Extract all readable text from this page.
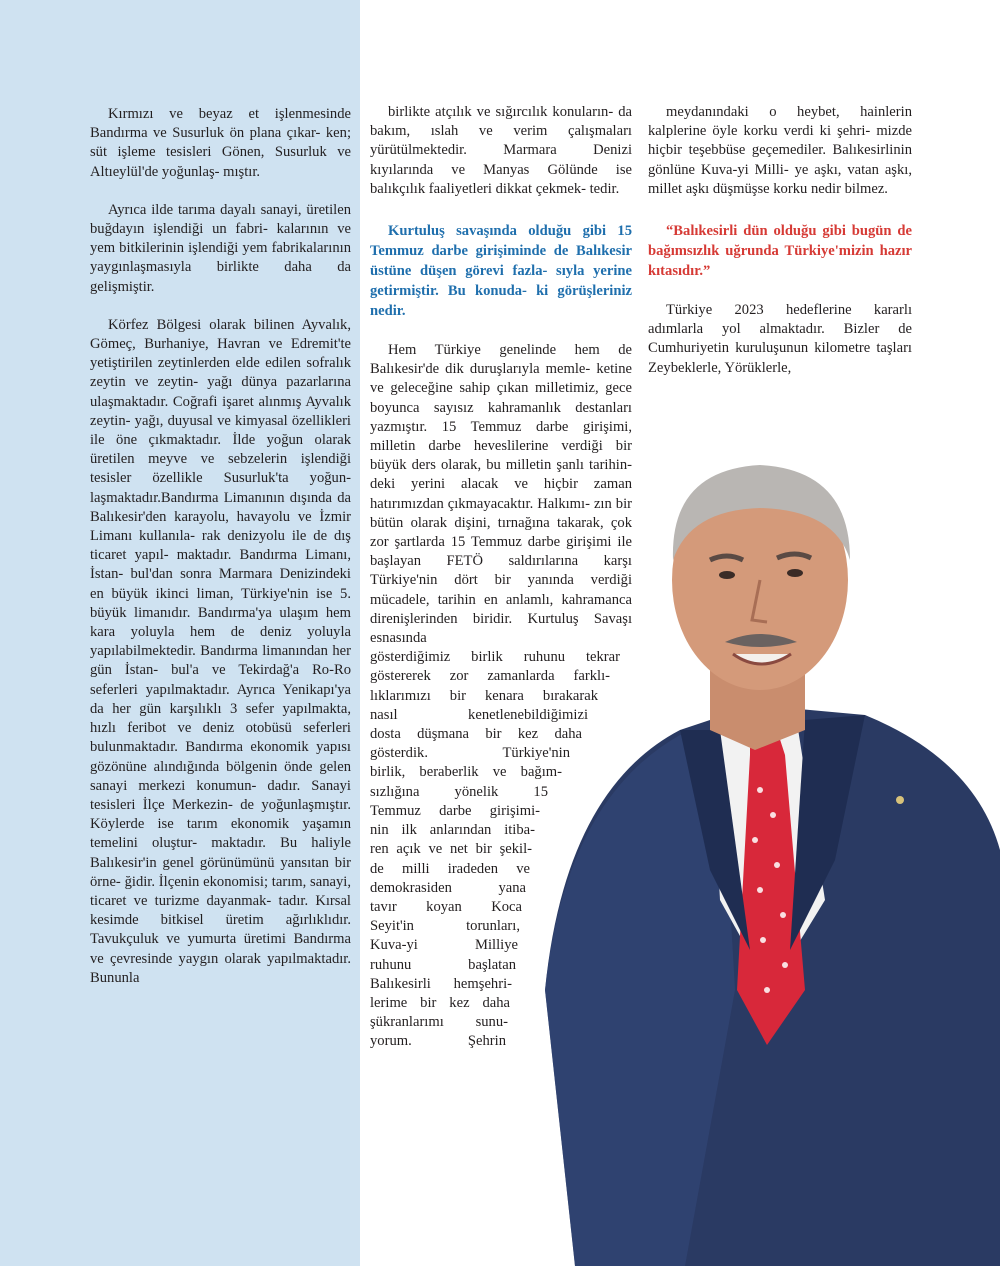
Kırmızı ve beyaz et işlenmesinde Bandırma ve Susurluk ön plana çıkar- ken; süt işleme tesisleri Gönen, Susurluk ve Altıeylül'de yoğunlaş- mıştır.

Ayrıca ilde tarıma dayalı sanayi, üretilen buğdayın işlendiği un fabri- kalarının ve yem bitkilerinin işlendiği yem fabrikalarının yaygınlaşmasıyla birlikte daha da gelişmiştir.

Körfez Bölgesi olarak bilinen Ayvalık, Gömeç, Burhaniye, Havran ve Edremit'te yetiştirilen zeytinlerden elde edilen sofralık zeytin ve zeytin- yağı dünya pazarlarına ulaşmaktadır. Coğrafi işaret alınmış Ayvalık zeytin- yağı, duyusal ve kimyasal özellikleri ile öne çıkmaktadır. İlde yoğun olarak üretilen meyve ve sebzelerin işlendiği tesisler özellikle Susurluk'ta yoğun- laşmaktadır.Bandırma Limanının dışında da Balıkesir'den karayolu, havayolu ve İzmir Limanı kullanıla- rak denizyolu ile de dış ticaret yapıl- maktadır. Bandırma Limanı, İstan- bul'dan sonra Marmara Denizindeki en büyük ikinci liman, Türkiye'nin ise 5. büyük limanıdır. Bandırma'ya ulaşım hem kara yoluyla hem de deniz yoluyla yapılabilmektedir. Bandırma limanından her gün İstan- bul'a ve Tekirdağ'a Ro-Ro seferleri yapılmaktadır. Ayrıca Yenikapı'ya da her gün karşılıklı 3 sefer yapılmakta, hızlı feribot ve deniz otobüsü seferleri bulunmaktadır. Bandırma ekonomik yapısı gözönüne alındığında bölgenin önde gelen sanayi merkezi konumun- dadır. Sanayi tesisleri İlçe Merkezin- de yoğunlaşmıştır. Köylerde ise tarım ekonomik yaşamın temelini oluştur- maktadır. Bu haliyle Balıkesir'in genel görünümünü yansıtan bir örne- ğidir. İlçenin ekonomisi; tarım, sanayi, ticaret ve turizme dayanmak- tadır. Kırsal kesimde bitkisel üretim ağırlıklıdır. Tavukçuluk ve yumurta üretimi Bandırma ve çevresinde yaygın olarak yapılmaktadır. Bununla

birlikte atçılık ve sığırcılık konuların- da bakım, ıslah ve verim çalışmaları yürütülmektedir. Marmara Denizi kıyılarında ve Manyas Gölünde ise balıkçılık faaliyetleri dikkat çekmek- tedir.

Kurtuluş savaşında olduğu gibi 15 Temmuz darbe girişiminde de Balıkesir üstüne düşen görevi fazla- sıyla yerine getirmiştir. Bu konuda- ki görüşleriniz nedir.

Hem Türkiye genelinde hem de Balıkesir'de dik duruşlarıyla memle- ketine ve geleceğine sahip çıkan milletimiz, gece boyunca sayısız kahramanlık destanları yazmıştır. 15 Temmuz darbe girişimi, milletin darbe heveslilerine verdiği bir büyük ders olarak, bu milletin şanlı tarihin- deki yerini alacak ve hiçbir zaman hatırımızdan çıkmayacaktır. Halkımı- zın bir bütün olarak dişini, tırnağına takarak, çok zor şartlarda 15 Temmuz darbe girişimi ile başlayan FETÖ saldırılarına karşı Türkiye'nin dört bir yanında verdiği mücadele, tarihin en anlamlı, kahramanca direnişlerinden biridir. Kurtuluş Savaşı esnasında

gösterdiğimiz birlik ruhunu tekrar
göstererek zor zamanlarda farklı-
lıklarımızı bir kenara bırakarak
nasıl kenetlenebildiğimizi
dosta düşmana bir kez daha
gösterdik. Türkiye'nin
birlik, beraberlik ve bağım-
sızlığına yönelik 15
Temmuz darbe girişimi-
nin ilk anlarından itiba-
ren açık ve net bir şekil-
de milli iradeden ve
demokrasiden yana
tavır koyan Koca
Seyit'in torunları,
Kuva-yi Milliye
ruhunu başlatan
Balıkesirli hemşehri-
lerime bir kez daha
şükranlarımı sunu-
yorum. Şehrin

meydanındaki o heybet, hainlerin kalplerine öyle korku verdi ki şehri- mizde hiçbir teşebbüse geçemediler. Balıkesirlinin gönlüne Kuva-yi Milli- ye aşkı, vatan aşkı, millet aşkı düşmüşse korku nedir bilmez.

“Balıkesirli dün olduğu gibi bugün de bağımsızlık uğrunda Türkiye'mizin hazır kıtasıdır.”

Türkiye 2023 hedeflerine kararlı adımlarla yol almaktadır. Bizler de Cumhuriyetin kuruluşunun kilometre taşları Zeybeklerle, Yörüklerle,
